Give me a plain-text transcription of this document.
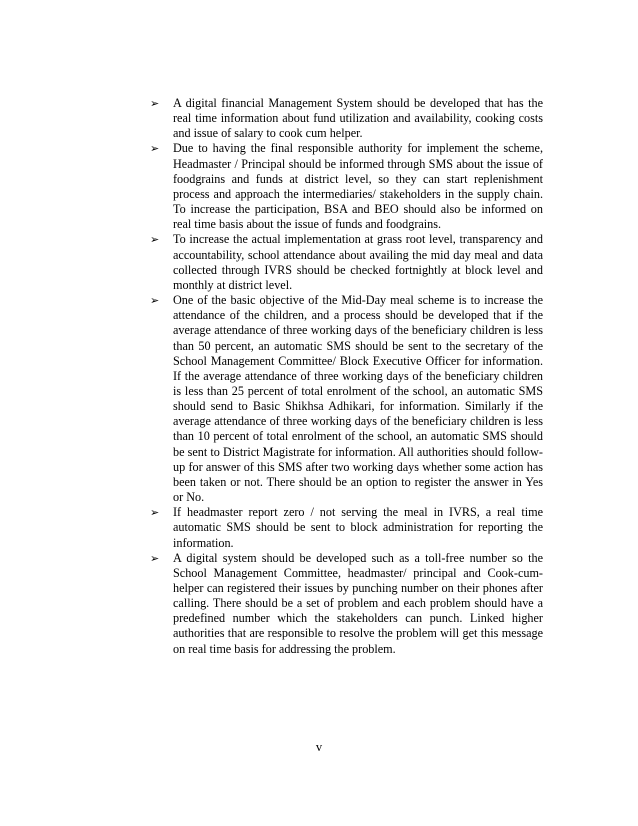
➢	A digital financial Management System should be developed that has the real time information about fund utilization and availability, cooking costs and issue of salary to cook cum helper.
➢	Due to having the final responsible authority for implement the scheme, Headmaster / Principal should be informed through SMS about the issue of foodgrains and funds at district level, so they can start replenishment process and approach the intermediaries/ stakeholders in the supply chain. To increase the participation, BSA and BEO should also be informed on real time basis about the issue of funds and foodgrains.
➢	To increase the actual implementation at grass root level, transparency and accountability, school attendance about availing the mid day meal and data collected through IVRS should be checked fortnightly at block level and monthly at district level.
➢	One of the basic objective of the Mid-Day meal scheme is to increase the attendance of the children, and a process should be developed that if the average attendance of three working days of the beneficiary children is less than 50 percent, an automatic SMS should be sent to the secretary of the School Management Committee/ Block Executive Officer for information. If the average attendance of three working days of the beneficiary children is less than 25 percent of total enrolment of the school, an automatic SMS should send to Basic Shikhsa Adhikari, for information. Similarly if the average attendance of three working days of the beneficiary children is less than 10 percent of total enrolment of the school, an automatic SMS should be sent to District Magistrate for information. All authorities should follow-up for answer of this SMS after two working days whether some action has been taken or not. There should be an option to register the answer in Yes or No.
➢	If headmaster report zero / not serving the meal in IVRS, a real time automatic SMS should be sent to block administration for reporting the information.
➢	A digital system should be developed such as a toll-free number so the School Management Committee, headmaster/ principal and Cook-cum-helper can registered their issues by punching number on their phones after calling. There should be a set of problem and each problem should have a predefined number which the stakeholders can punch. Linked higher authorities that are responsible to resolve the problem will get this message on real time basis for addressing the problem.
v
